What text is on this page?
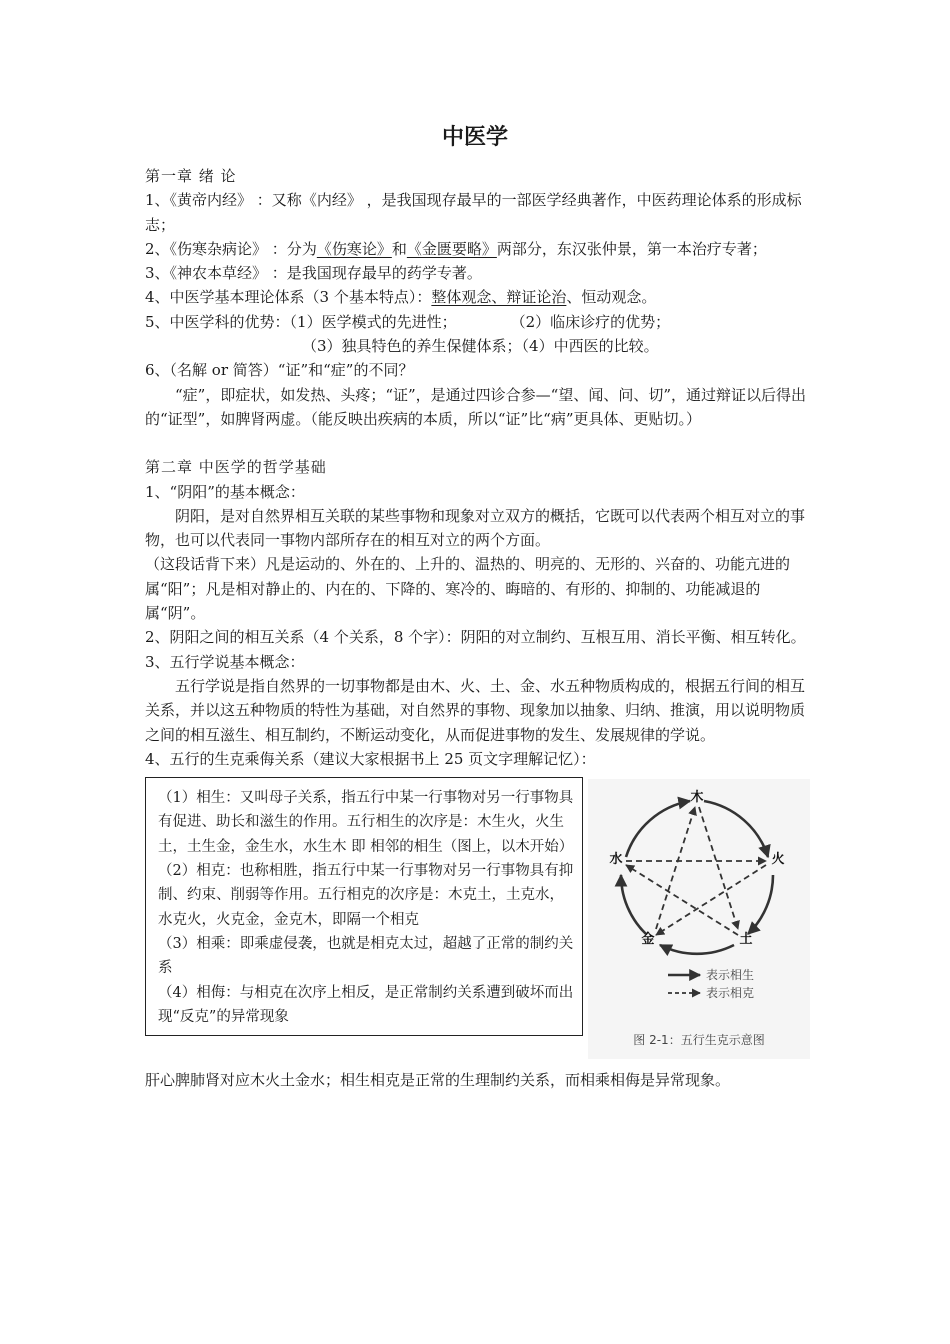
中医学

第一章 绪 论

1、《黄帝内经》 ：又称《内经》 ，是我国现存最早的一部医学经典著作，中医药理论体系的形成标志；

2、《伤寒杂病论》 ：分为《伤寒论》和《金匮要略》两部分，东汉张仲景，第一本治疗专著；

3、《神农本草经》 ：是我国现存最早的药学专著。

4、中医学基本理论体系（3 个基本特点）：整体观念、辩证论治、恒动观念。

5、中医学科的优势：（1）医学模式的先进性；	（2）临床诊疗的优势；

（3）独具特色的养生保健体系；（4）中西医的比较。

6、（名解 or 简答）“证”和“症”的不同？

“症”，即症状，如发热、头疼；“证”，是通过四诊合参—“望、闻、问、切”，通过辩证以后得出的“证型”，如脾肾两虚。（能反映出疾病的本质，所以“证”比“病”更具体、更贴切。）

第二章 中医学的哲学基础

1、“阴阳”的基本概念：

阴阳，是对自然界相互关联的某些事物和现象对立双方的概括，它既可以代表两个相互对立的事物，也可以代表同一事物内部所存在的相互对立的两个方面。

（这段话背下来）凡是运动的、外在的、上升的、温热的、明亮的、无形的、兴奋的、功能亢进的属“阳”；凡是相对静止的、内在的、下降的、寒冷的、晦暗的、有形的、抑制的、功能减退的属“阴”。

2、阴阳之间的相互关系（4 个关系，8 个字）：阴阳的对立制约、互根互用、消长平衡、相互转化。

3、五行学说基本概念：

五行学说是指自然界的一切事物都是由木、火、土、金、水五种物质构成的，根据五行间的相互关系，并以这五种物质的特性为基础，对自然界的事物、现象加以抽象、归纳、推演，用以说明物质之间的相互滋生、相互制约，不断运动变化，从而促进事物的发生、发展规律的学说。

4、五行的生克乘侮关系（建议大家根据书上 25 页文字理解记忆）：

（1）相生：又叫母子关系，指五行中某一行事物对另一行事物具有促进、助长和滋生的作用。五行相生的次序是：木生火，火生土，土生金，金生水，水生木 即 相邻的相生（图上，以木开始）

（2）相克：也称相胜，指五行中某一行事物对另一行事物具有抑制、约束、削弱等作用。五行相克的次序是：木克土，土克水，水克火，火克金，金克木，即隔一个相克

（3）相乘：即乘虚侵袭，也就是相克太过，超越了正常的制约关系

（4）相侮：与相克在次序上相反，是正常制约关系遭到破坏而出现“反克”的异常现象

木
火
土
金
水
表示相生
表示相克
图 2-1：五行生克示意图

肝心脾肺肾对应木火土金水；相生相克是正常的生理制约关系，而相乘相侮是异常现象。
